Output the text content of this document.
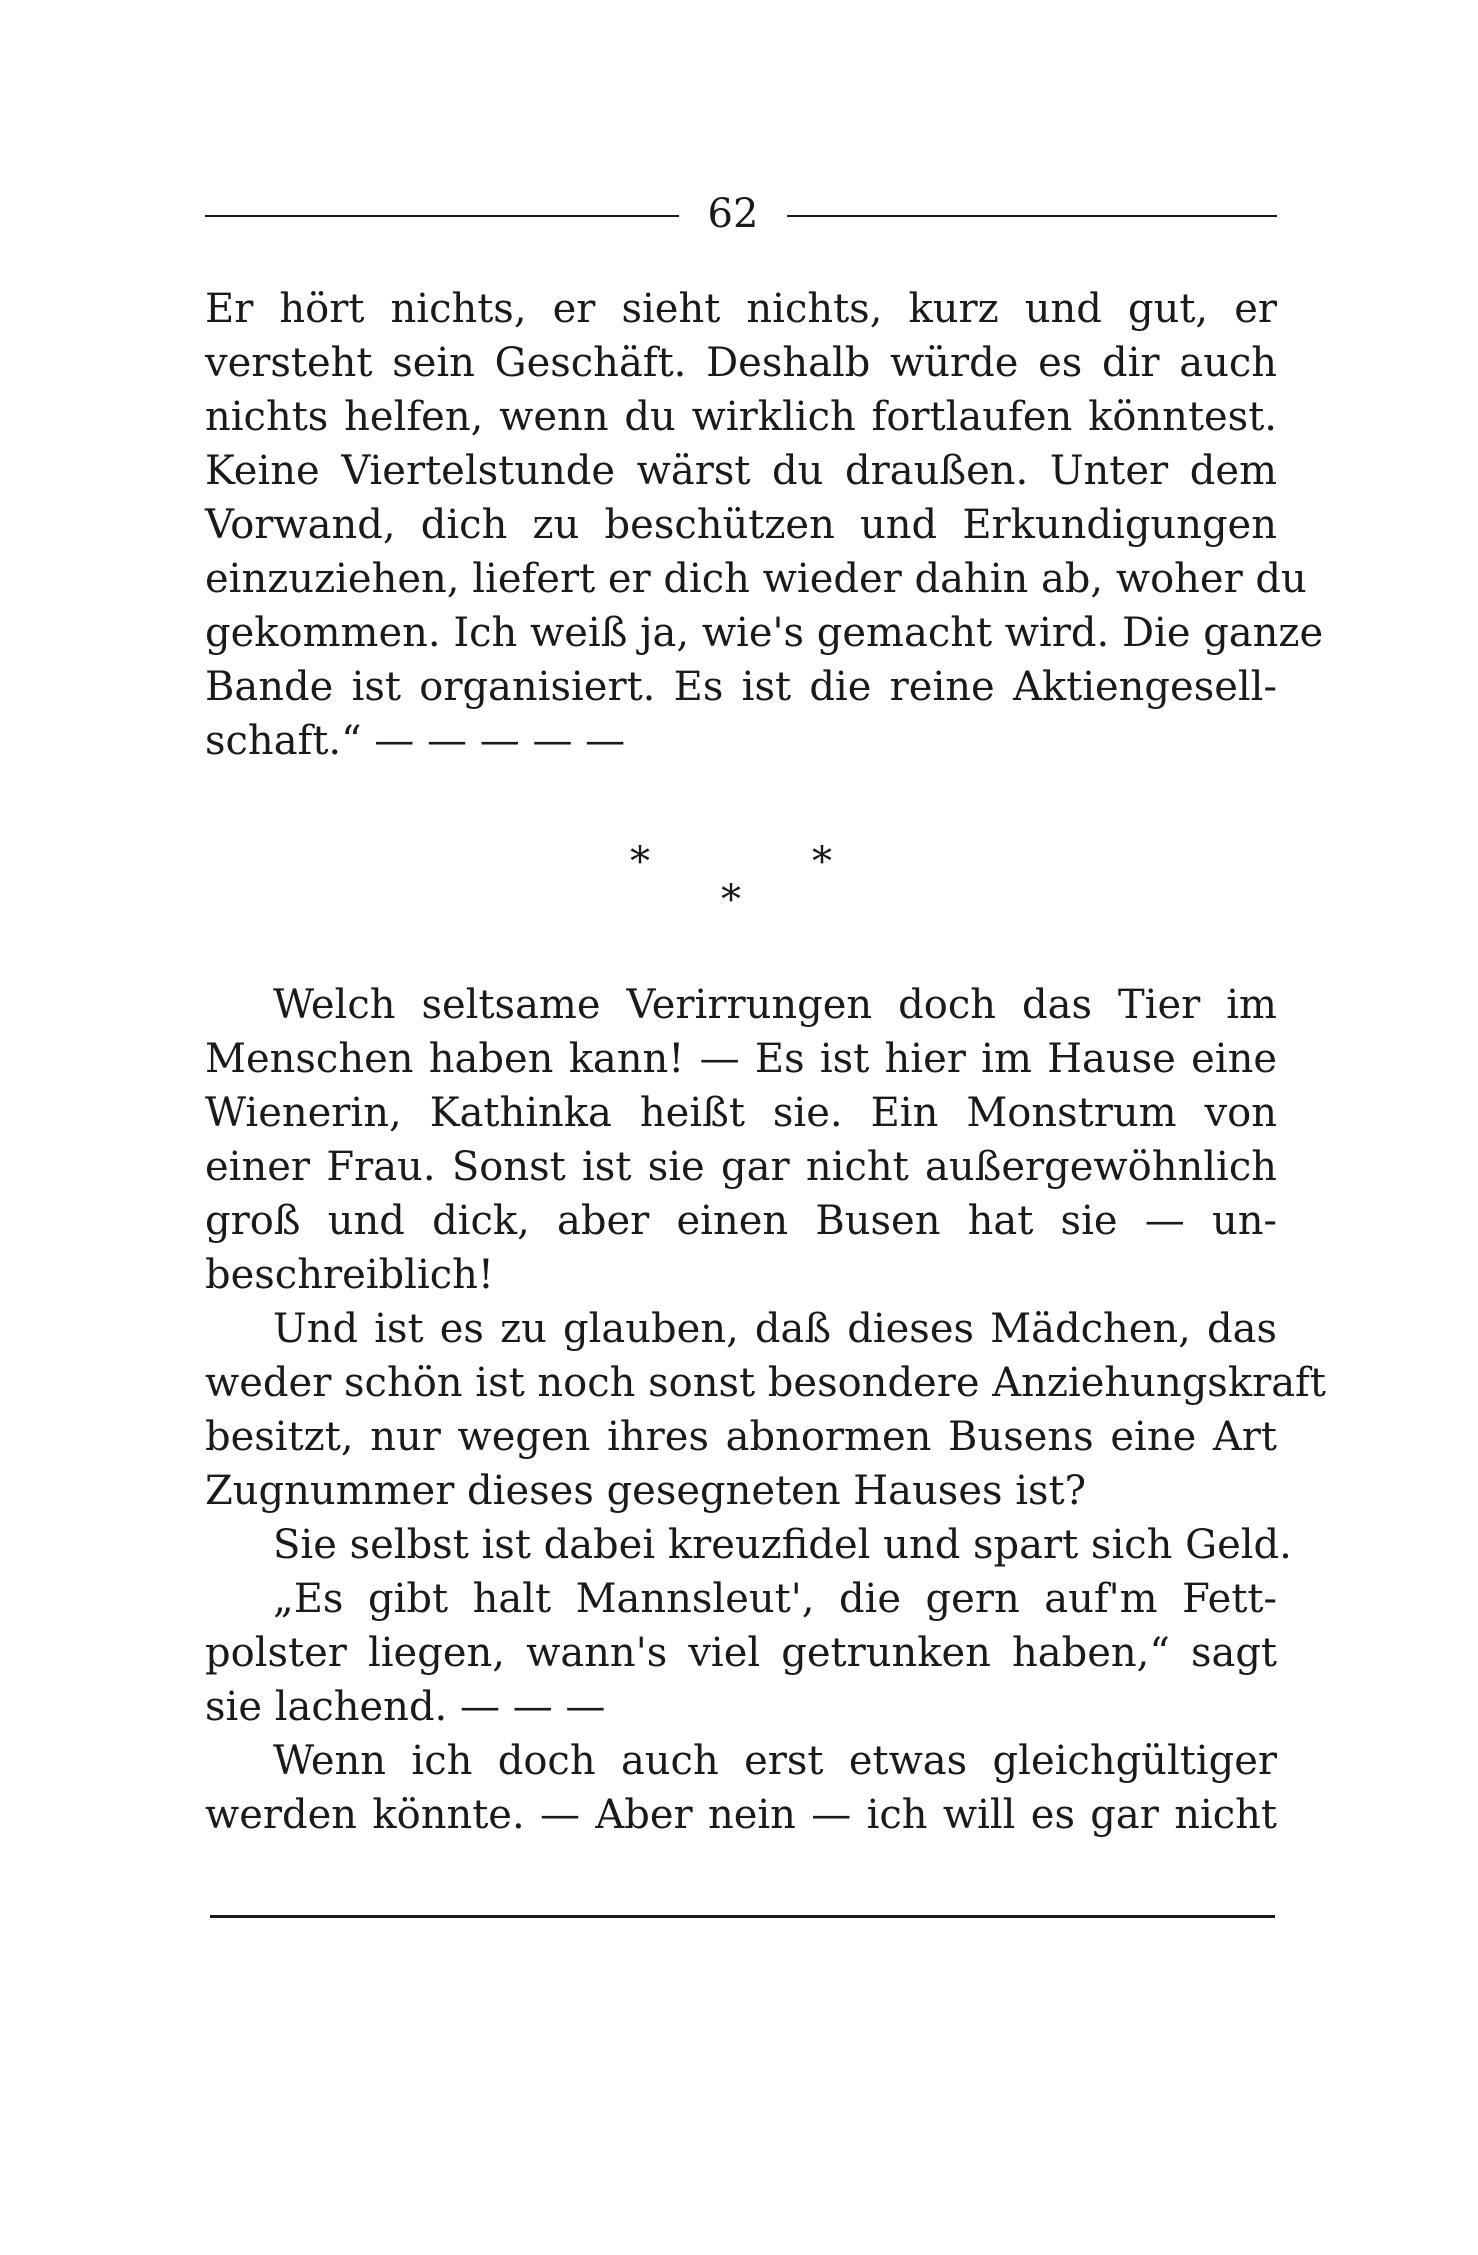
62
Er hört nichts, er sieht nichts, kurz und gut, er
versteht sein Geschäft. Deshalb würde es dir auch
nichts helfen, wenn du wirklich fortlaufen könntest.
Keine Viertelstunde wärst du draußen. Unter dem
Vorwand, dich zu beschützen und Erkundigungen
einzuziehen, liefert er dich wieder dahin ab, woher du
gekommen. Ich weiß ja, wie's gemacht wird. Die ganze
Bande ist organisiert. Es ist die reine Aktiengesell-
schaft.“ — — — — —
*	*
*
Welch seltsame Verirrungen doch das Tier im
Menschen haben kann! — Es ist hier im Hause eine
Wienerin, Kathinka heißt sie. Ein Monstrum von
einer Frau. Sonst ist sie gar nicht außergewöhnlich
groß und dick, aber einen Busen hat sie — un-
beschreiblich!
Und ist es zu glauben, daß dieses Mädchen, das
weder schön ist noch sonst besondere Anziehungskraft
besitzt, nur wegen ihres abnormen Busens eine Art
Zugnummer dieses gesegneten Hauses ist?
Sie selbst ist dabei kreuzfidel und spart sich Geld.
„Es gibt halt Mannsleut', die gern auf'm Fett-
polster liegen, wann's viel getrunken haben,“ sagt
sie lachend. — — —
Wenn ich doch auch erst etwas gleichgültiger
werden könnte. — Aber nein — ich will es gar nicht
